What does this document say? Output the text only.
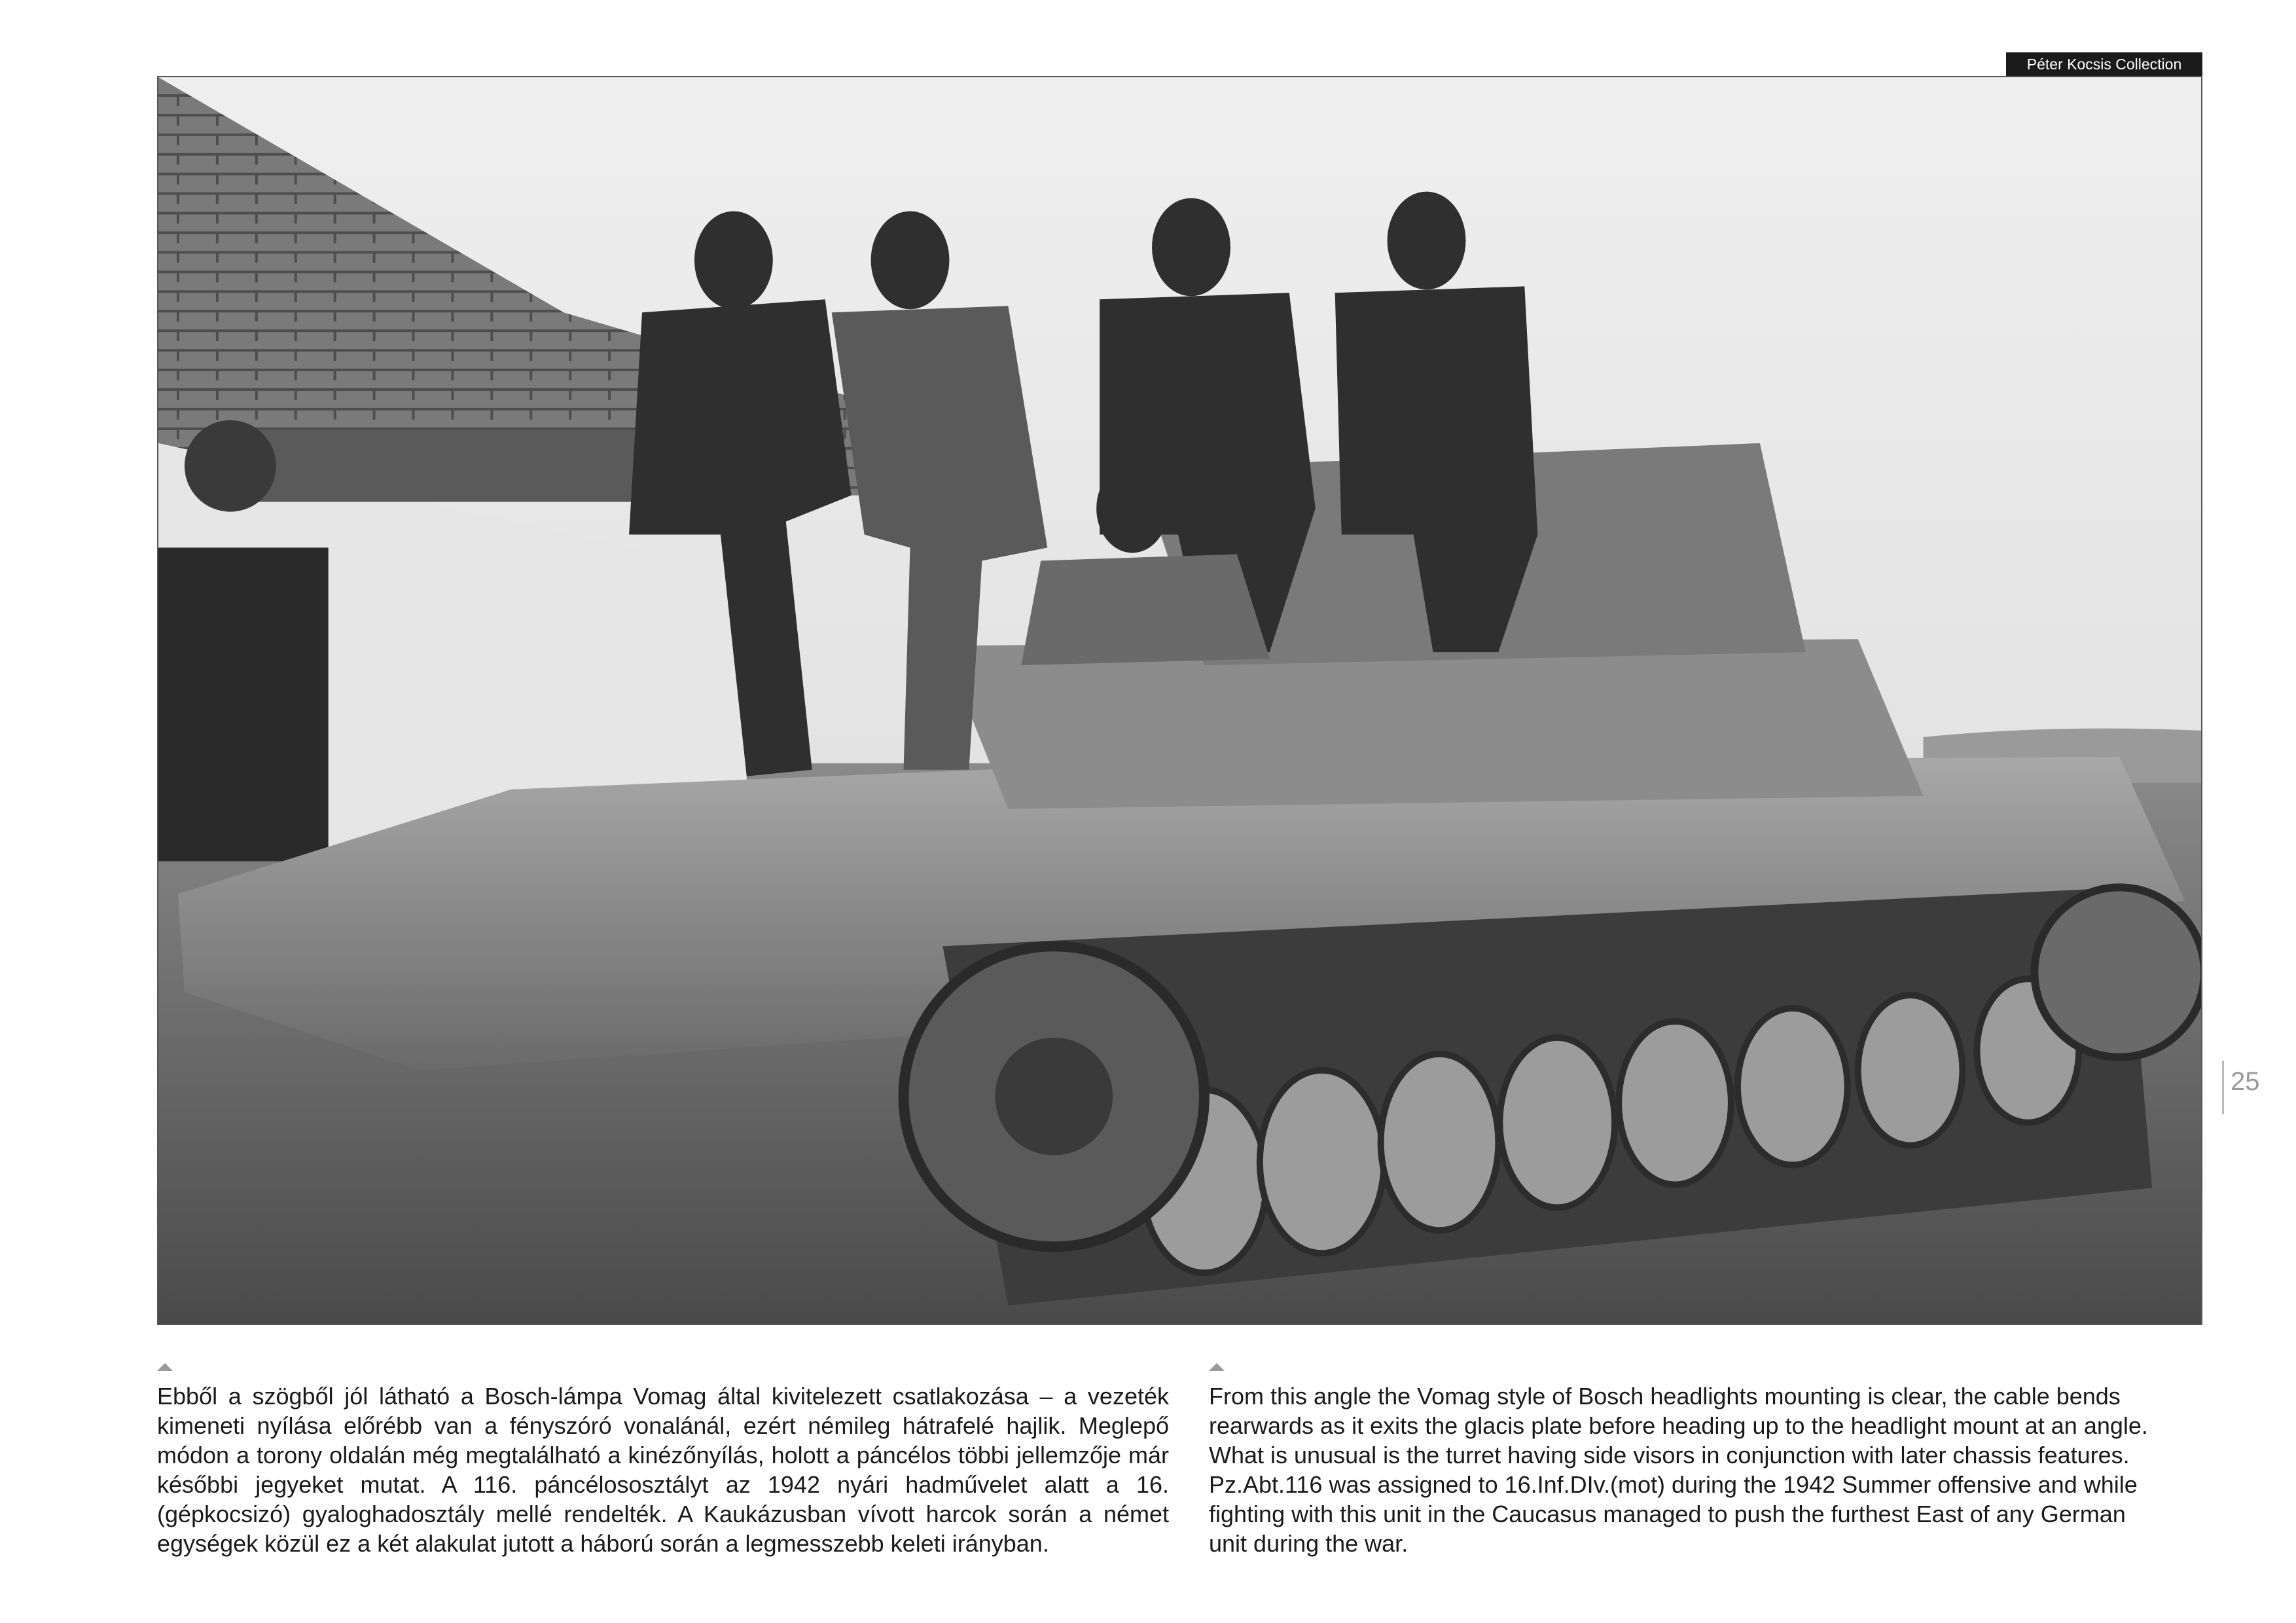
Péter Kocsis Collection
25

Ebből a szögből jól látható a Bosch-lámpa Vomag által kivitelezett csatlakozása – a vezeték kimeneti nyílása előrébb van a fényszóró vonalánál, ezért némileg hátrafelé hajlik. Meglepő módon a torony oldalán még megtalálható a kinézőnyílás, holott a páncélos többi jellemzője már későbbi jegyeket mutat. A 116. páncélososztályt az 1942 nyári hadművelet alatt a 16. (gépkocsizó) gyaloghadosztály mellé rendelték. A Kaukázusban vívott harcok során a német egységek közül ez a két alakulat jutott a háború során a legmesszebb keleti irányban.

From this angle the Vomag style of Bosch headlights mounting is clear, the cable bends

rearwards as it exits the glacis plate before heading up to the headlight mount at an angle.

What is unusual is the turret having side visors in conjunction with later chassis features.

Pz.Abt.116 was assigned to 16.Inf.DIv.(mot) during the 1942 Summer offensive and while

fighting with this unit in the Caucasus managed to push the furthest East of any German

unit during the war.
